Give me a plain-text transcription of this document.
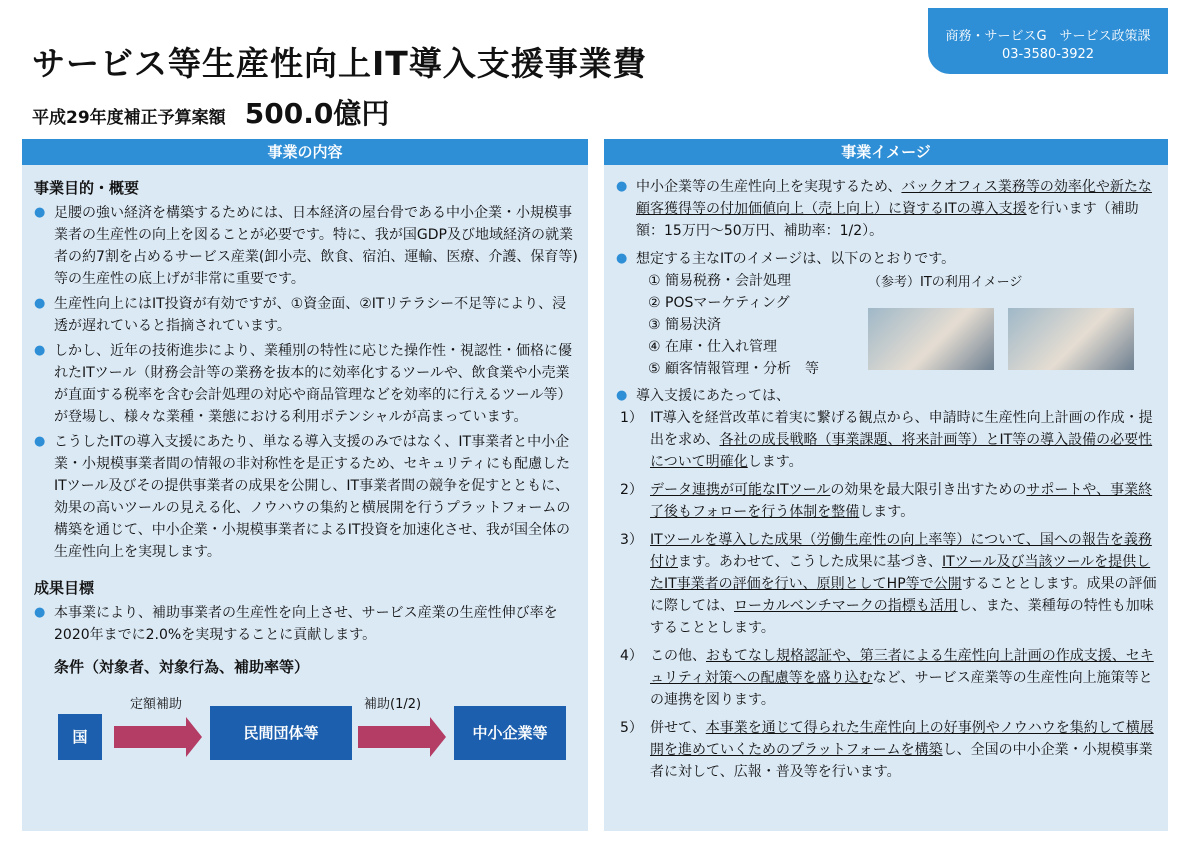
商務・サービスG　サービス政策課
03-3580-3922
サービス等生産性向上IT導入支援事業費
平成29年度補正予算案額 500.0億円
事業の内容
事業目的・概要
● 足腰の強い経済を構築するためには、日本経済の屋台骨である中小企業・小規模事業者の生産性の向上を図ることが必要です。特に、我が国GDP及び地域経済の就業者の約7割を占めるサービス産業(卸小売、飲食、宿泊、運輸、医療、介護、保育等)等の生産性の底上げが非常に重要です。
● 生産性向上にはIT投資が有効ですが、①資金面、②ITリテラシー不足等により、浸透が遅れていると指摘されています。
● しかし、近年の技術進歩により、業種別の特性に応じた操作性・視認性・価格に優れたITツール（財務会計等の業務を抜本的に効率化するツールや、飲食業や小売業が直面する税率を含む会計処理の対応や商品管理などを効率的に行えるツール等）が登場し、様々な業種・業態における利用ポテンシャルが高まっています。
● こうしたITの導入支援にあたり、単なる導入支援のみではなく、IT事業者と中小企業・小規模事業者間の情報の非対称性を是正するため、セキュリティにも配慮したITツール及びその提供事業者の成果を公開し、IT事業者間の競争を促すとともに、効果の高いツールの見える化、ノウハウの集約と横展開を行うプラットフォームの構築を通じて、中小企業・小規模事業者によるIT投資を加速化させ、我が国全体の生産性向上を実現します。
成果目標
● 本事業により、補助事業者の生産性を向上させ、サービス産業の生産性伸び率を2020年までに2.0%を実現することに貢献します。
条件（対象者、対象行為、補助率等）
国
定額補助
民間団体等
補助(1/2)
中小企業等
事業イメージ
● 中小企業等の生産性向上を実現するため、バックオフィス業務等の効率化や新たな顧客獲得等の付加価値向上（売上向上）に資するITの導入支援を行います（補助額：15万円～50万円、補助率：1/2）。
● 想定する主なITのイメージは、以下のとおりです。
① 簡易税務・会計処理
② POSマーケティング
③ 簡易決済
④ 在庫・仕入れ管理
⑤ 顧客情報管理・分析　等
（参考）ITの利用イメージ
● 導入支援にあたっては、
1） IT導入を経営改革に着実に繋げる観点から、申請時に生産性向上計画の作成・提出を求め、各社の成長戦略（事業課題、将来計画等）とIT等の導入設備の必要性について明確化します。
2） データ連携が可能なITツールの効果を最大限引き出すためのサポートや、事業終了後もフォローを行う体制を整備します。
3） ITツールを導入した成果（労働生産性の向上率等）について、国への報告を義務付けます。あわせて、こうした成果に基づき、ITツール及び当該ツールを提供したIT事業者の評価を行い、原則としてHP等で公開することとします。成果の評価に際しては、ローカルベンチマークの指標も活用し、また、業種毎の特性も加味することとします。
4） この他、おもてなし規格認証や、第三者による生産性向上計画の作成支援、セキュリティ対策への配慮等を盛り込むなど、サービス産業等の生産性向上施策等との連携を図ります。
5） 併せて、本事業を通じて得られた生産性向上の好事例やノウハウを集約して横展開を進めていくためのプラットフォームを構築し、全国の中小企業・小規模事業者に対して、広報・普及等を行います。
